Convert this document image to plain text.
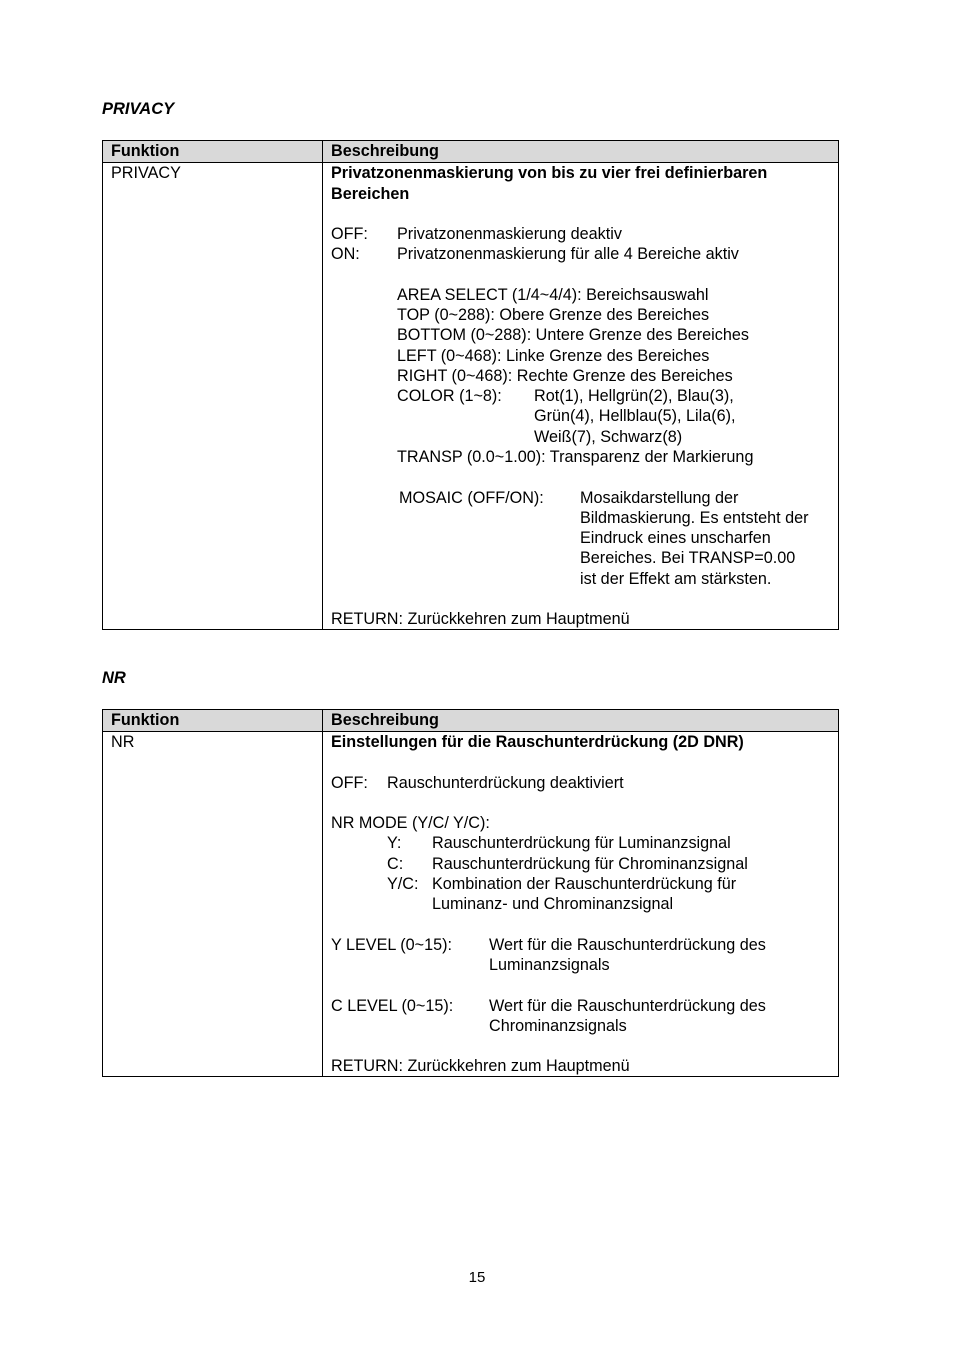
PRIVACY
Funktion	Beschreibung
PRIVACY	Privatzonenmaskierung von bis zu vier frei definierbaren
Bereichen
OFF: Privatzonenmaskierung deaktiv
ON: Privatzonenmaskierung für alle 4 Bereiche aktiv
AREA SELECT (1/4~4/4): Bereichsauswahl
TOP (0~288): Obere Grenze des Bereiches
BOTTOM (0~288): Untere Grenze des Bereiches
LEFT (0~468): Linke Grenze des Bereiches
RIGHT (0~468): Rechte Grenze des Bereiches
COLOR (1~8): Rot(1), Hellgrün(2), Blau(3),
Grün(4), Hellblau(5), Lila(6),
Weiß(7), Schwarz(8)
TRANSP (0.0~1.00): Transparenz der Markierung
MOSAIC (OFF/ON): Mosaikdarstellung der
Bildmaskierung. Es entsteht der
Eindruck eines unscharfen
Bereiches. Bei TRANSP=0.00
ist der Effekt am stärksten.
RETURN: Zurückkehren zum Hauptmenü
NR
Funktion	Beschreibung
NR	Einstellungen für die Rauschunterdrückung (2D DNR)
OFF: Rauschunterdrückung deaktiviert
NR MODE (Y/C/ Y/C):
Y: Rauschunterdrückung für Luminanzsignal
C: Rauschunterdrückung für Chrominanzsignal
Y/C: Kombination der Rauschunterdrückung für
Luminanz- und Chrominanzsignal
Y LEVEL (0~15): Wert für die Rauschunterdrückung des
Luminanzsignals
C LEVEL (0~15): Wert für die Rauschunterdrückung des
Chrominanzsignals
RETURN: Zurückkehren zum Hauptmenü
15
